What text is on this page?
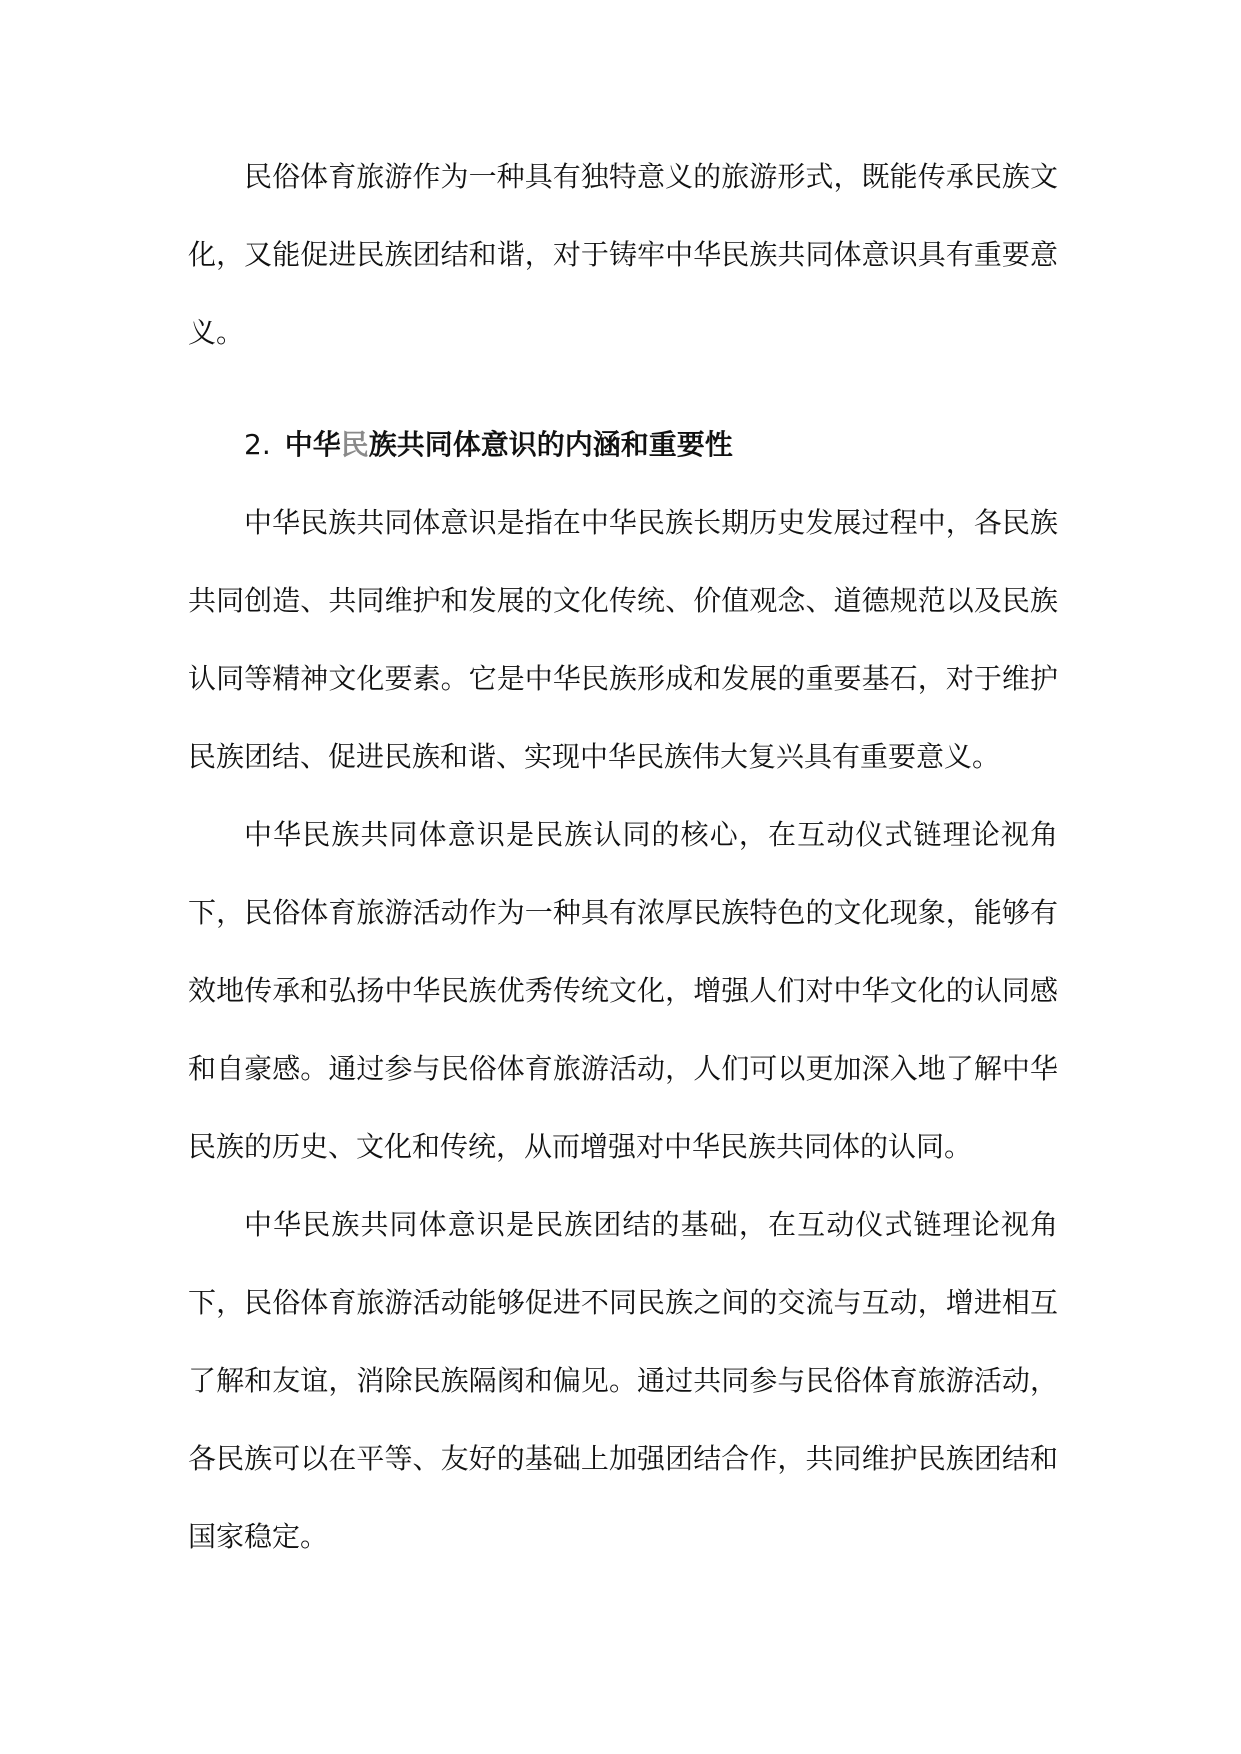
民俗体育旅游作为一种具有独特意义的旅游形式，既能传承民族文化，又能促进民族团结和谐，对于铸牢中华民族共同体意识具有重要意义。

2. 中华民族共同体意识的内涵和重要性

中华民族共同体意识是指在中华民族长期历史发展过程中，各民族共同创造、共同维护和发展的文化传统、价值观念、道德规范以及民族认同等精神文化要素。它是中华民族形成和发展的重要基石，对于维护民族团结、促进民族和谐、实现中华民族伟大复兴具有重要意义。

中华民族共同体意识是民族认同的核心，在互动仪式链理论视角下，民俗体育旅游活动作为一种具有浓厚民族特色的文化现象，能够有效地传承和弘扬中华民族优秀传统文化，增强人们对中华文化的认同感和自豪感。通过参与民俗体育旅游活动，人们可以更加深入地了解中华民族的历史、文化和传统，从而增强对中华民族共同体的认同。

中华民族共同体意识是民族团结的基础，在互动仪式链理论视角下，民俗体育旅游活动能够促进不同民族之间的交流与互动，增进相互了解和友谊，消除民族隔阂和偏见。通过共同参与民俗体育旅游活动，各民族可以在平等、友好的基础上加强团结合作，共同维护民族团结和国家稳定。
